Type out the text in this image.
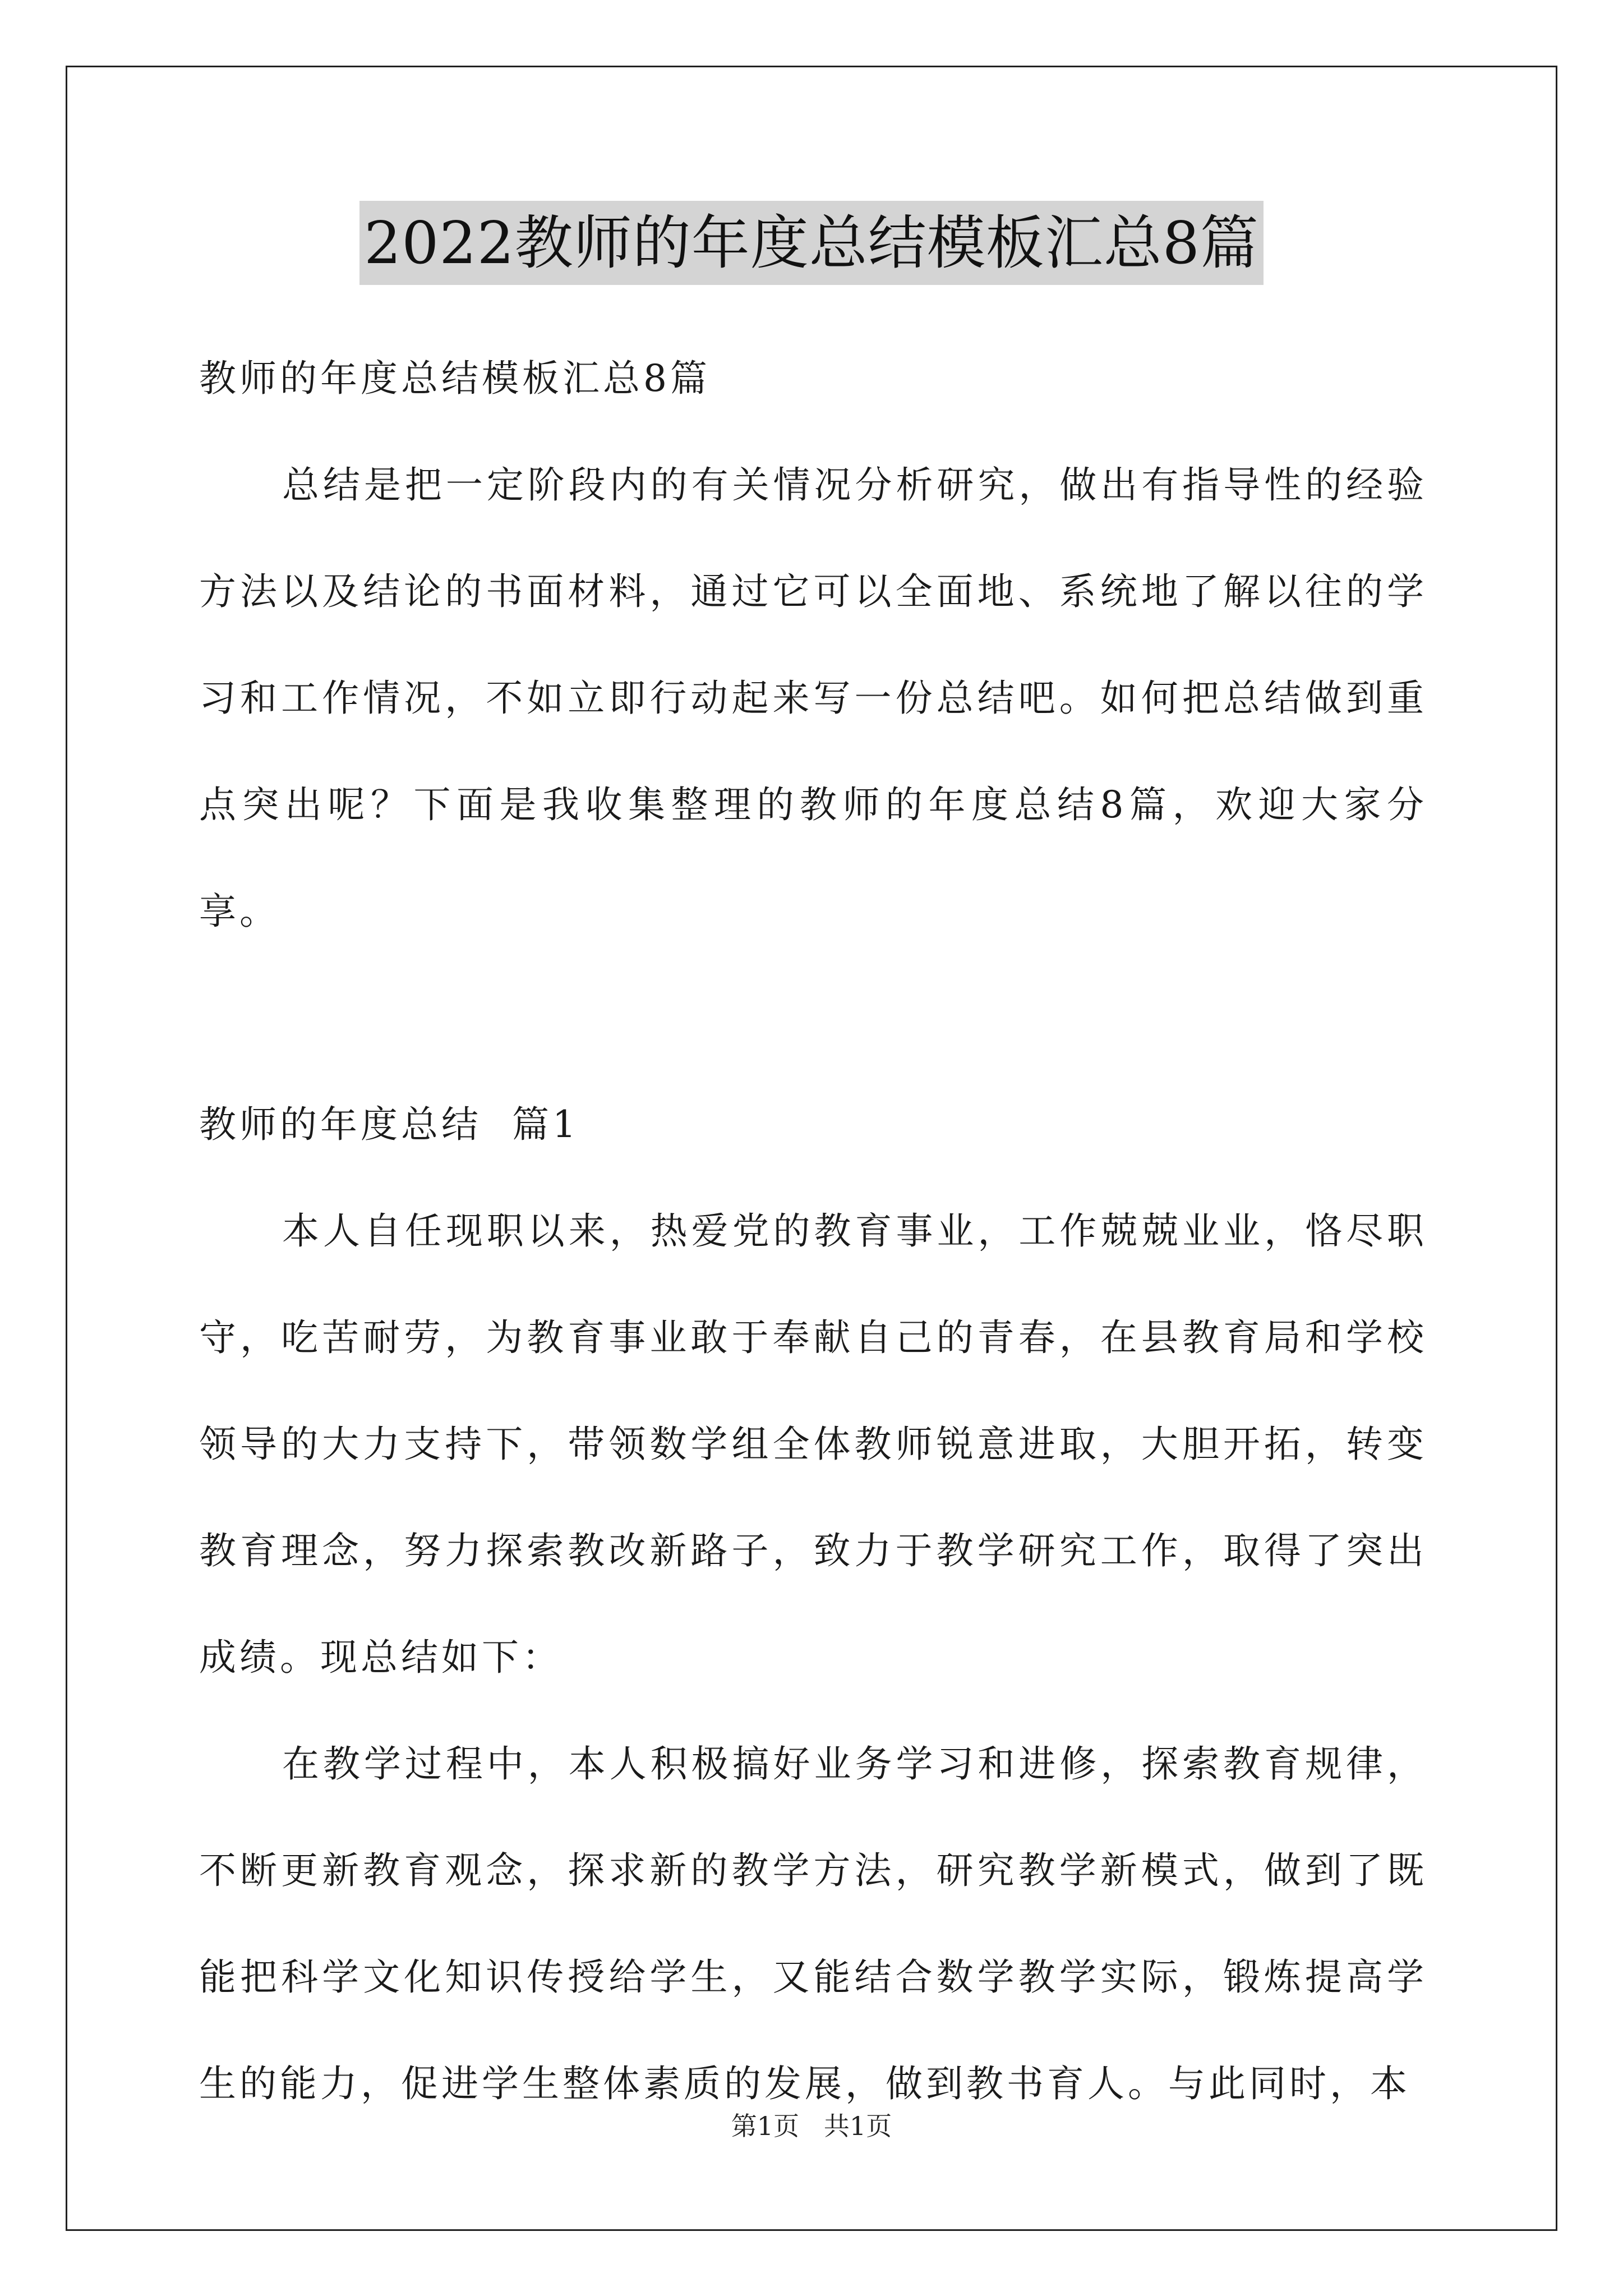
2022教师的年度总结模板汇总8篇

教师的年度总结模板汇总8篇

总结是把一定阶段内的有关情况分析研究，做出有指导性的经验方法以及结论的书面材料，通过它可以全面地、系统地了解以往的学习和工作情况，不如立即行动起来写一份总结吧。如何把总结做到重点突出呢？下面是我收集整理的教师的年度总结8篇，欢迎大家分享。

教师的年度总结  篇1

本人自任现职以来，热爱党的教育事业，工作兢兢业业，恪尽职守，吃苦耐劳，为教育事业敢于奉献自己的青春，在县教育局和学校领导的大力支持下，带领数学组全体教师锐意进取，大胆开拓，转变教育理念，努力探索教改新路子，致力于教学研究工作，取得了突出成绩。现总结如下：

在教学过程中，本人积极搞好业务学习和进修，探索教育规律，不断更新教育观念，探求新的教学方法，研究教学新模式，做到了既能把科学文化知识传授给学生，又能结合数学教学实际，锻炼提高学生的能力，促进学生整体素质的发展，做到教书育人。与此同时，本

第1页   共1页
